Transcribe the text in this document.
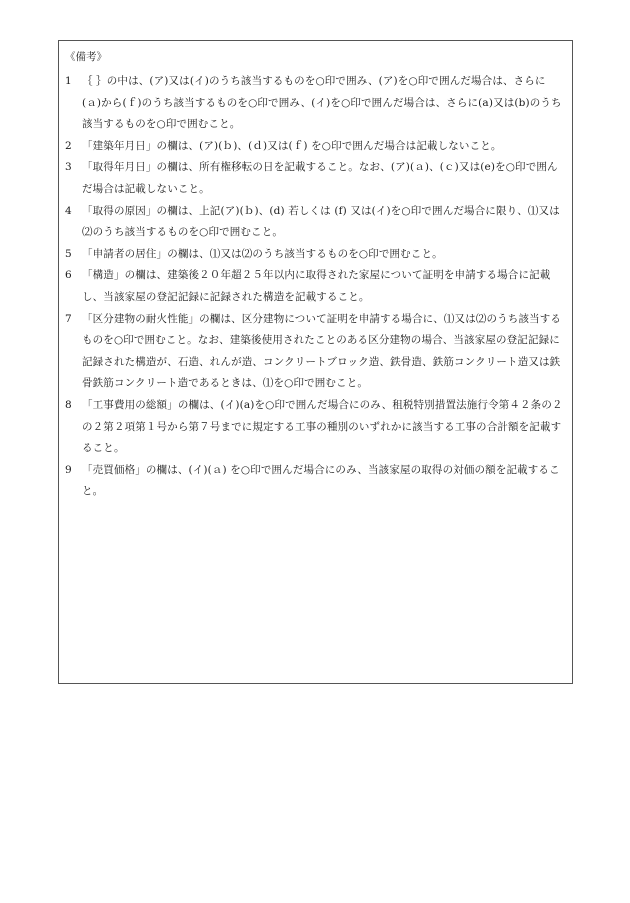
《備考》
1 ｛ ｝の中は、(ア)又は(イ)のうち該当するものを○印で囲み、(ア)を○印で囲んだ場合は、さらに(ａ)から(ｆ)のうち該当するものを○印で囲み、(イ)を○印で囲んだ場合は、さらに(a)又は(b)のうち該当するものを○印で囲むこと。
2 「建築年月日」の欄は、(ア)(ｂ)、(ｄ)又は(ｆ) を○印で囲んだ場合は記載しないこと。
3 「取得年月日」の欄は、所有権移転の日を記載すること。なお、(ア)(ａ)、(ｃ)又は(e)を○印で囲んだ場合は記載しないこと。
4 「取得の原因」の欄は、上記(ア)(ｂ)、(d) 若しくは (f) 又は(イ)を○印で囲んだ場合に限り、⑴又は⑵のうち該当するものを○印で囲むこと。
5 「申請者の居住」の欄は、⑴又は⑵のうち該当するものを○印で囲むこと。
6 「構造」の欄は、建築後２０年超２５年以内に取得された家屋について証明を申請する場合に記載し、当該家屋の登記記録に記録された構造を記載すること。
7 「区分建物の耐火性能」の欄は、区分建物について証明を申請する場合に、⑴又は⑵のうち該当するものを○印で囲むこと。なお、建築後使用されたことのある区分建物の場合、当該家屋の登記記録に記録された構造が、石造、れんが造、コンクリートブロック造、鉄骨造、鉄筋コンクリート造又は鉄骨鉄筋コンクリート造であるときは、⑴を○印で囲むこと。
8 「工事費用の総額」の欄は、(イ)(a)を○印で囲んだ場合にのみ、租税特別措置法施行令第４２条の２の２第２項第１号から第７号までに規定する工事の種別のいずれかに該当する工事の合計額を記載すること。
9 「売買価格」の欄は、(イ)(ａ) を○印で囲んだ場合にのみ、当該家屋の取得の対価の額を記載すること。
